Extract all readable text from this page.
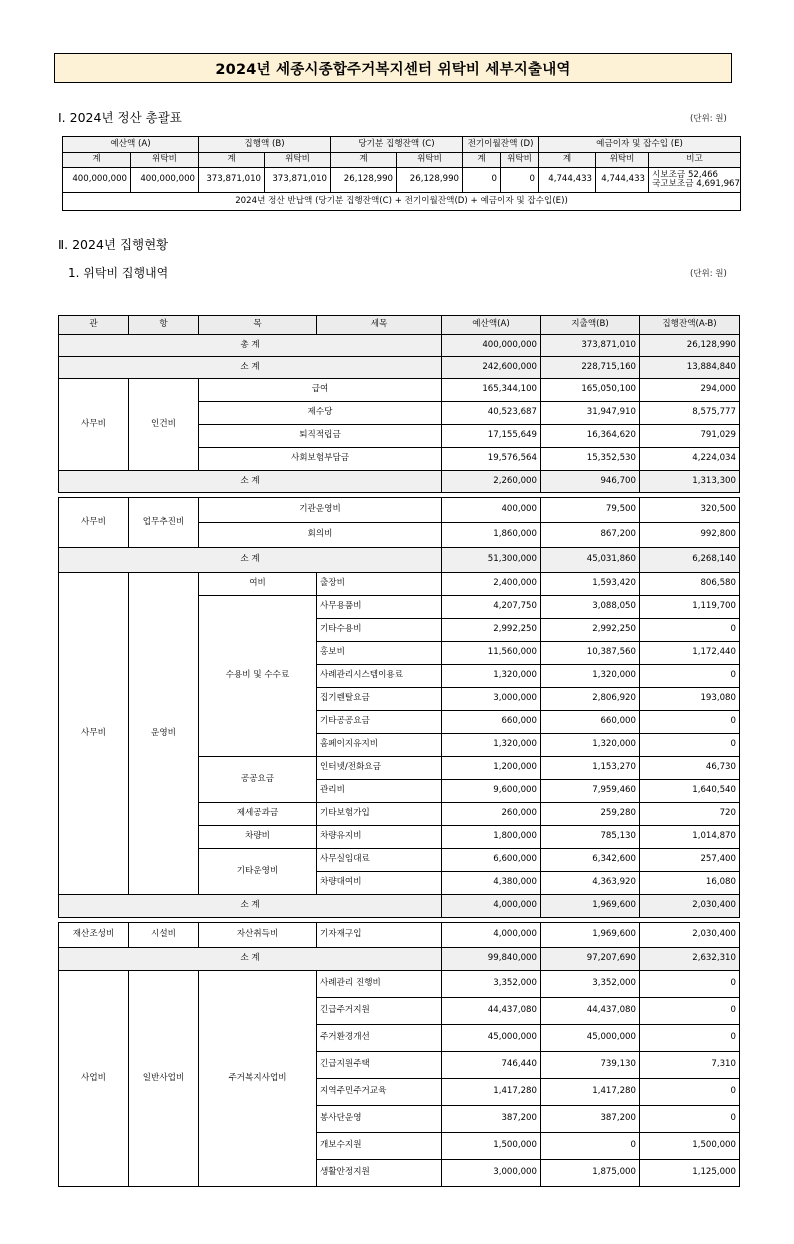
2024년 세종시종합주거복지센터 위탁비 세부지출내역
Ⅰ. 2024년 정산 총괄표	(단위: 원)
예산액 (A)		집행액 (B)		당기분 집행잔액 (C)		전기이월잔액 (D)		예금이자 및 잡수입 (E)		
계	위탁비	계	위탁비	계	위탁비	계	위탁비	계	위탁비	비고
400,000,000	400,000,000	373,871,010	373,871,010	26,128,990	26,128,990	0	0	4,744,433	4,744,433	시보조금 52,466
국고보조금 4,691,967

2024년 정산 반납액 (당기분 집행잔액(C) + 전기이월잔액(D) + 예금이자 및 잡수입(E))										
Ⅱ. 2024년 집행현황
1. 위탁비 집행내역	(단위: 원)
관	항	목	세목	예산액(A)	지출액(B)	집행잔액(A-B)
총 계				400,000,000	373,871,010	26,128,990
소 계				242,600,000	228,715,160	13,884,840
사무비	인건비	급여		165,344,100	165,050,100	294,000
		제수당		40,523,687	31,947,910	8,575,777
		퇴직적립금		17,155,649	16,364,620	791,029
		사회보험부담금		19,576,564	15,352,530	4,224,034
소 계				2,260,000	946,700	1,313,300

사무비	업무추진비	기관운영비		400,000	79,500	320,500
		회의비		1,860,000	867,200	992,800
소 계				51,300,000	45,031,860	6,268,140
사무비	운영비	여비	출장비	2,400,000	1,593,420	806,580
		수용비 및 수수료	사무용품비	4,207,750	3,088,050	1,119,700
			기타수용비	2,992,250	2,992,250	0
			홍보비	11,560,000	10,387,560	1,172,440
			사례관리시스템이용료	1,320,000	1,320,000	0
			집기렌탈요금	3,000,000	2,806,920	193,080
			기타공공요금	660,000	660,000	0
			홈페이지유지비	1,320,000	1,320,000	0
		공공요금	인터넷/전화요금	1,200,000	1,153,270	46,730
			관리비	9,600,000	7,959,460	1,640,540
		제세공과금	기타보험가입	260,000	259,280	720
		차량비	차량유지비	1,800,000	785,130	1,014,870
		기타운영비	사무실임대료	6,600,000	6,342,600	257,400
			차량대여비	4,380,000	4,363,920	16,080
소 계				4,000,000	1,969,600	2,030,400

재산조성비	시설비	자산취득비	기자재구입	4,000,000	1,969,600	2,030,400
소 계				99,840,000	97,207,690	2,632,310
사업비	일반사업비	주거복지사업비	사례관리 진행비	3,352,000	3,352,000	0
			긴급주거지원	44,437,080	44,437,080	0
			주거환경개선	45,000,000	45,000,000	0
			긴급지원주택	746,440	739,130	7,310
			지역주민주거교육	1,417,280	1,417,280	0
			봉사단운영	387,200	387,200	0
			개보수지원	1,500,000	0	1,500,000
			생활안정지원	3,000,000	1,875,000	1,125,000
